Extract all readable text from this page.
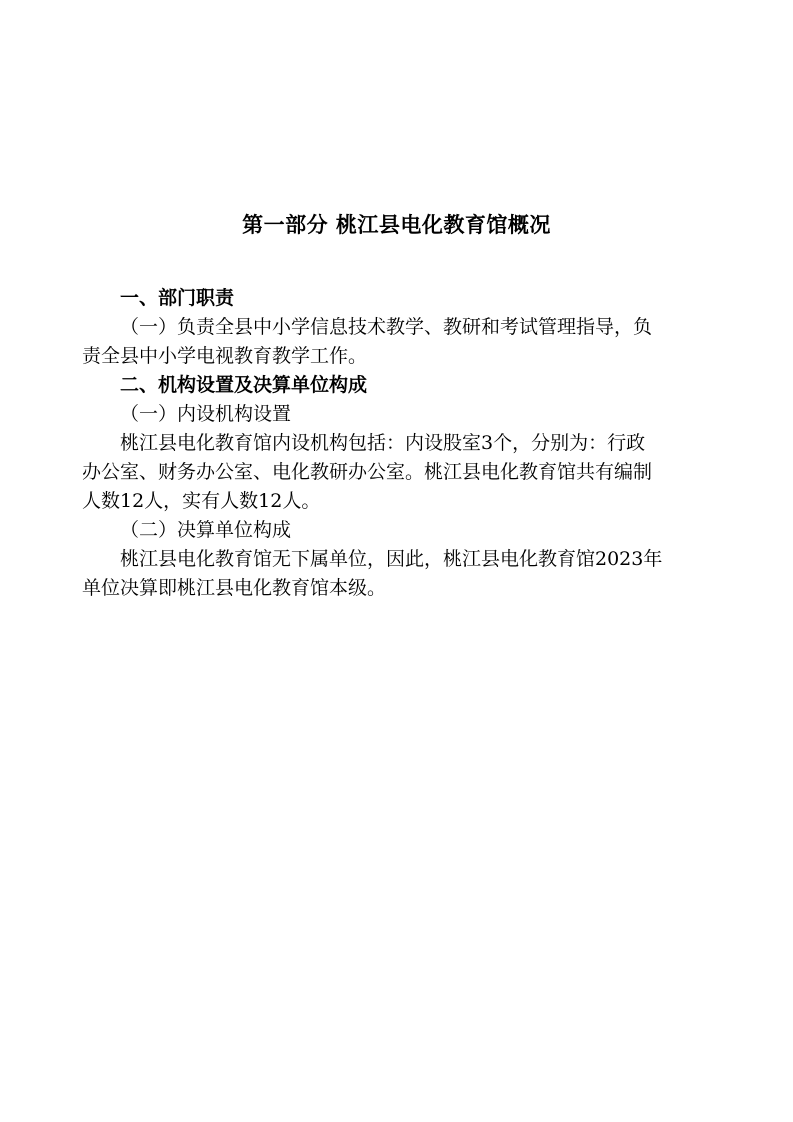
第一部分 桃江县电化教育馆概况
一、部门职责
（一）负责全县中小学信息技术教学、教研和考试管理指导，负
责全县中小学电视教育教学工作。
二、机构设置及决算单位构成
（一）内设机构设置
桃江县电化教育馆内设机构包括：内设股室3个，分别为：行政
办公室、财务办公室、电化教研办公室。桃江县电化教育馆共有编制
人数12人，实有人数12人。
（二）决算单位构成
桃江县电化教育馆无下属单位，因此，桃江县电化教育馆2023年
单位决算即桃江县电化教育馆本级。
